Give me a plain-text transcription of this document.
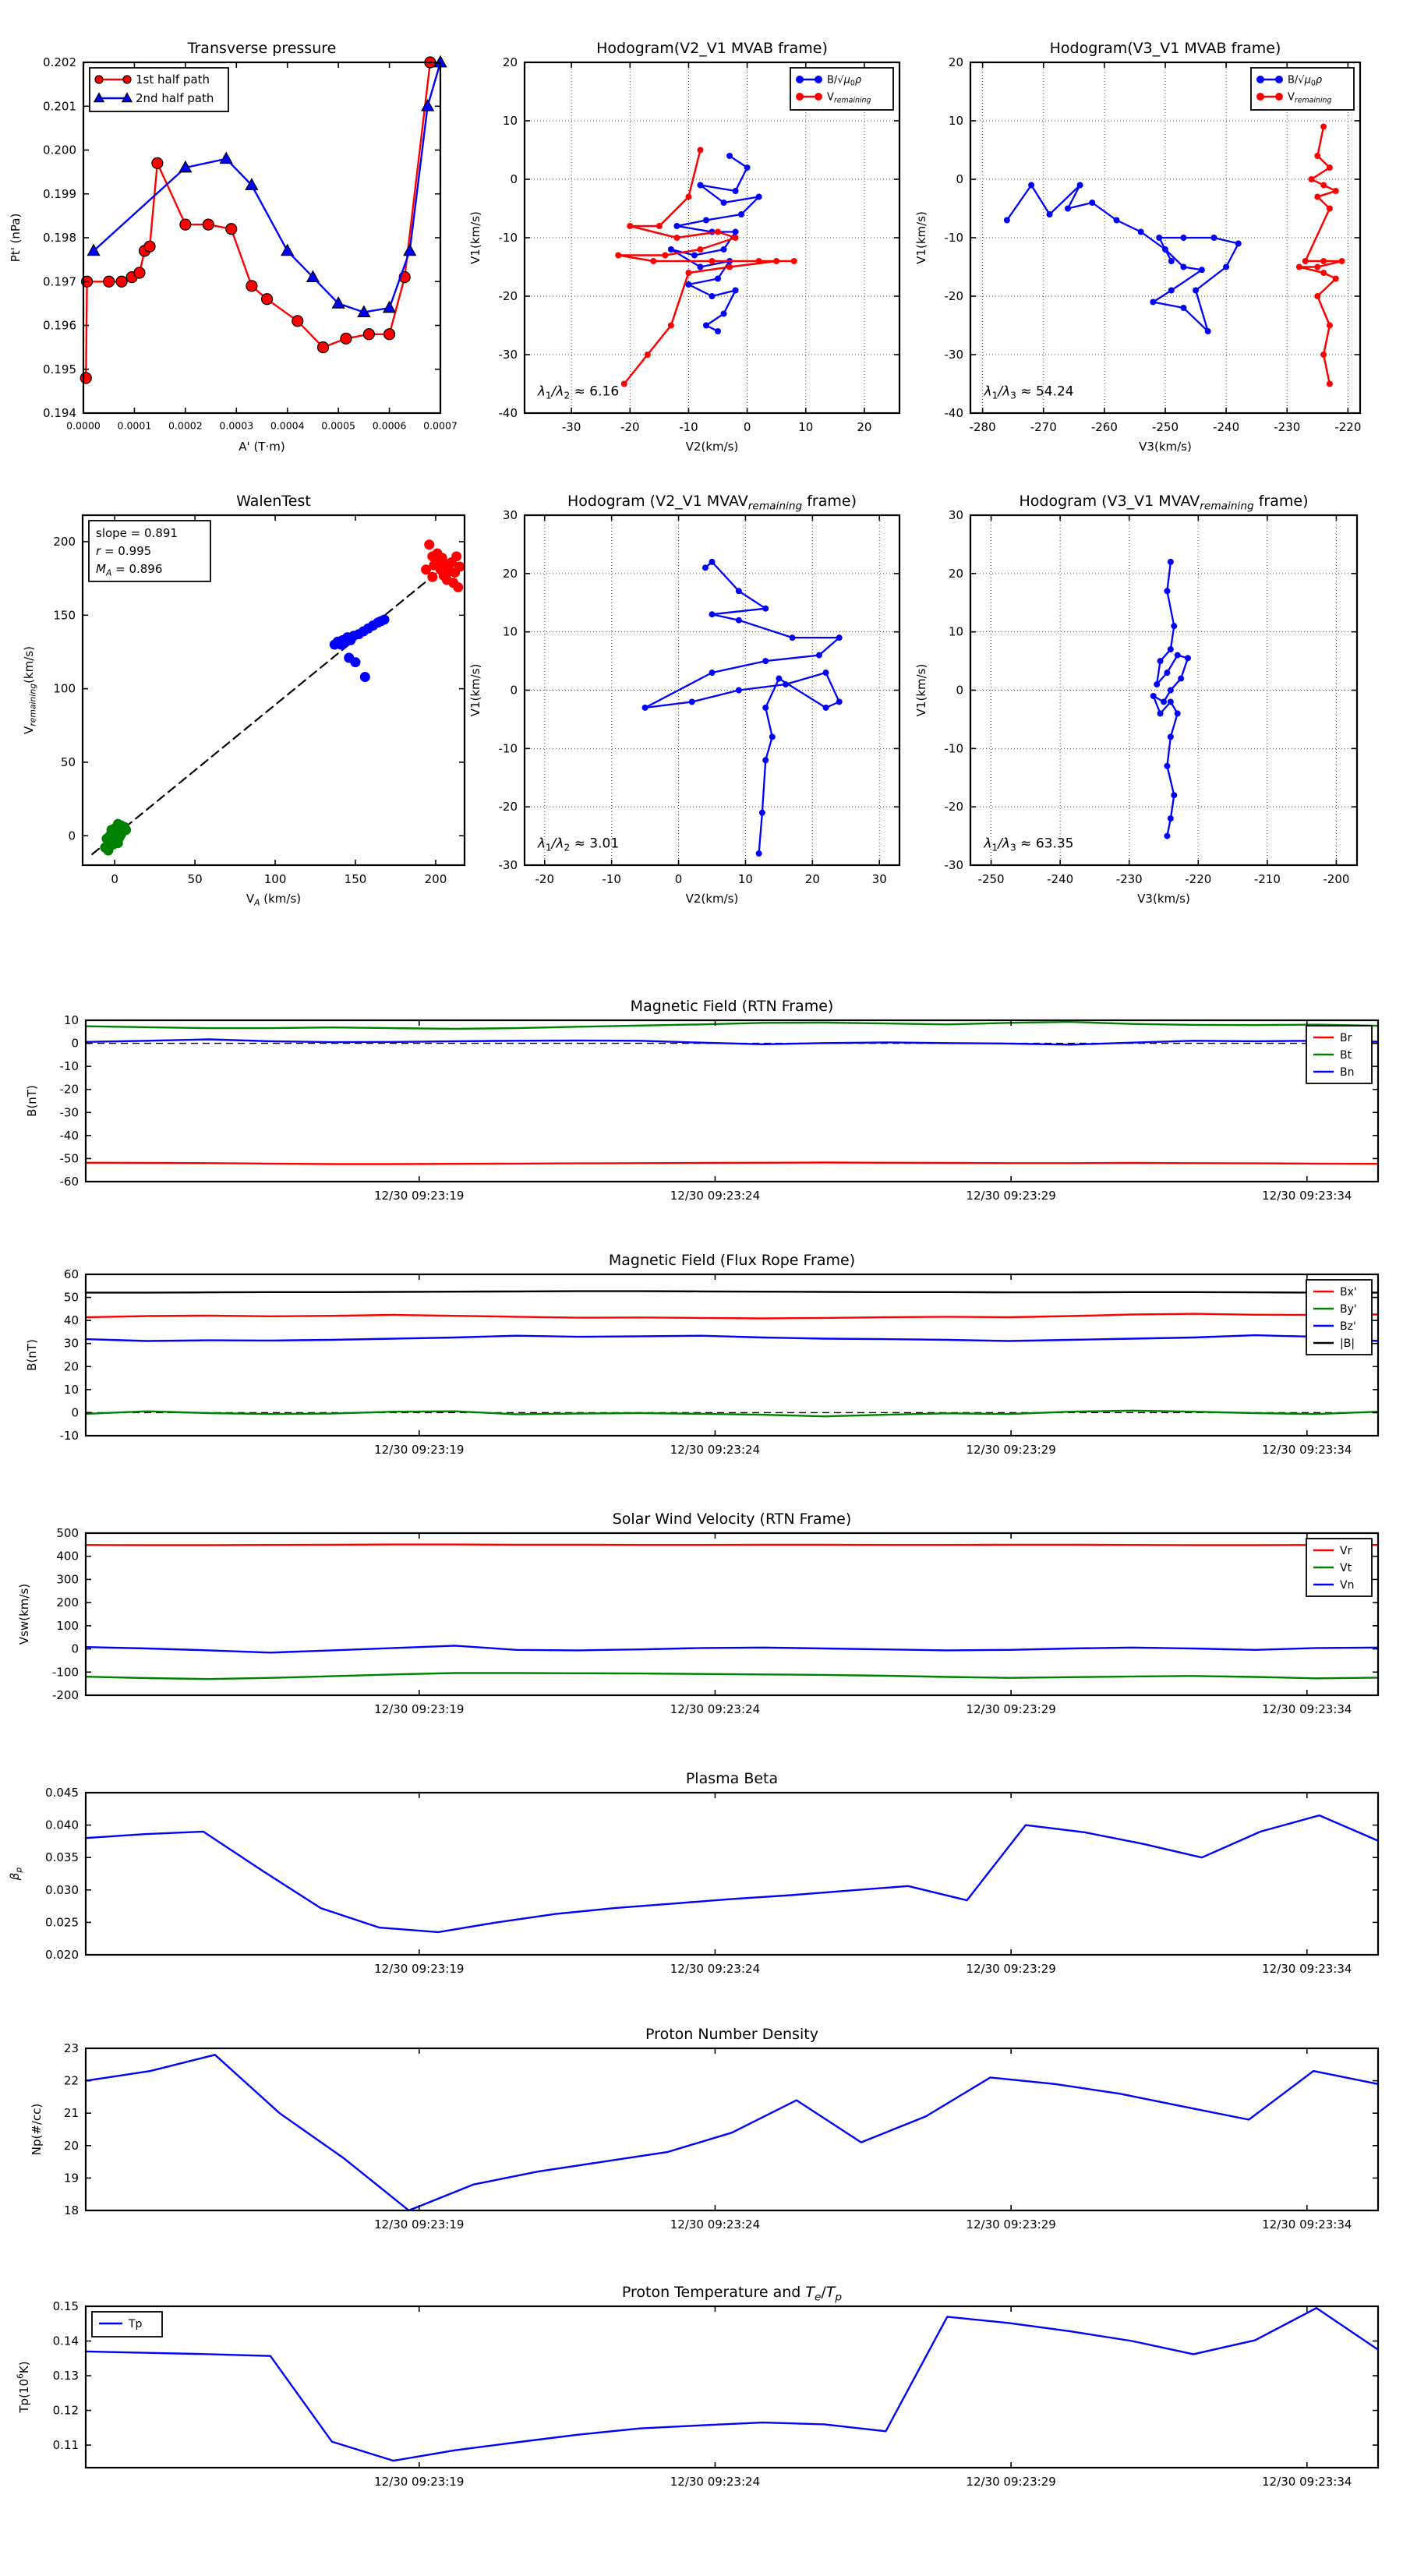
0.0000 0.0001 0.0002 0.0003 0.0004 0.0005 0.0006 0.0007
0.194
0.195
0.196
0.197
0.198
0.199
0.200
0.201
0.202
Transverse pressure
A' (T·m)
Pt' (nPa)
1st half path
2nd half path
-30	-20	-10	0	10	20
-40
-30
-20
-10
0
10
20
Hodogram(V2_V1 MVAB frame)
V2(km/s)
V1(km/s)
$\lambda_1/\lambda_2 \approx 6.16$
$B/√\mu_0\rho$
$V_{remaining}$
-280	-270	-260	-250	-240	-230	-220
-40
-30
-20
-10
0
10
20
Hodogram(V3_V1 MVAB frame)
V3(km/s)
V1(km/s)
$\lambda_1/\lambda_3 \approx 54.24$
$B/√\mu_0\rho$
$V_{remaining}$
0	50	100	150	200
0
50
100
150
200
WalenTest
$V_A$ (km/s)
$V_{remaining}(km/s)$
slope = 0.891
r = 0.995
$M_A = 0.896$
-20	-10	0	10	20	30
-30
-20
-10
0
10
20
30
Hodogram (V2_V1 $MVAV_{remaining}$ frame)
V2(km/s)
V1(km/s)
$\lambda_1/\lambda_2 \approx 3.01$
-250	-240	-230	-220	-210	-200
-30
-20
-10
0
10
20
30
Hodogram (V3_V1 $MVAV_{remaining}$ frame)
V3(km/s)
V1(km/s)
$\lambda_1/\lambda_3 \approx 63.35$
12/30 09:23:19	12/30 09:23:24	12/30 09:23:29	12/30 09:23:34
-60
-50
-40
-30
-20
-10
0
10
Magnetic Field (RTN Frame)
B(nT)
Br
Bt
Bn
12/30 09:23:19	12/30 09:23:24	12/30 09:23:29	12/30 09:23:34
-10
0
10
20
30
40
50
60
Magnetic Field (Flux Rope Frame)
B(nT)
Bx'
By'
Bz'
|B|
12/30 09:23:19	12/30 09:23:24	12/30 09:23:29	12/30 09:23:34
-200
-100
0
100
200
300
400
500
Solar Wind Velocity (RTN Frame)
Vsw(km/s)
Vr
Vt
Vn
12/30 09:23:19	12/30 09:23:24	12/30 09:23:29	12/30 09:23:34
0.020
0.025
0.030
0.035
0.040
0.045
Plasma Beta
$\beta_p$
12/30 09:23:19	12/30 09:23:24	12/30 09:23:29	12/30 09:23:34
18
19
20
21
22
23
Proton Number Density
Np(#/cc)
12/30 09:23:19	12/30 09:23:24	12/30 09:23:29	12/30 09:23:34
0.11
0.12
0.13
0.14
0.15
Proton Temperature and $T_e/T_p$
$Tp(10^6K)$
Tp
